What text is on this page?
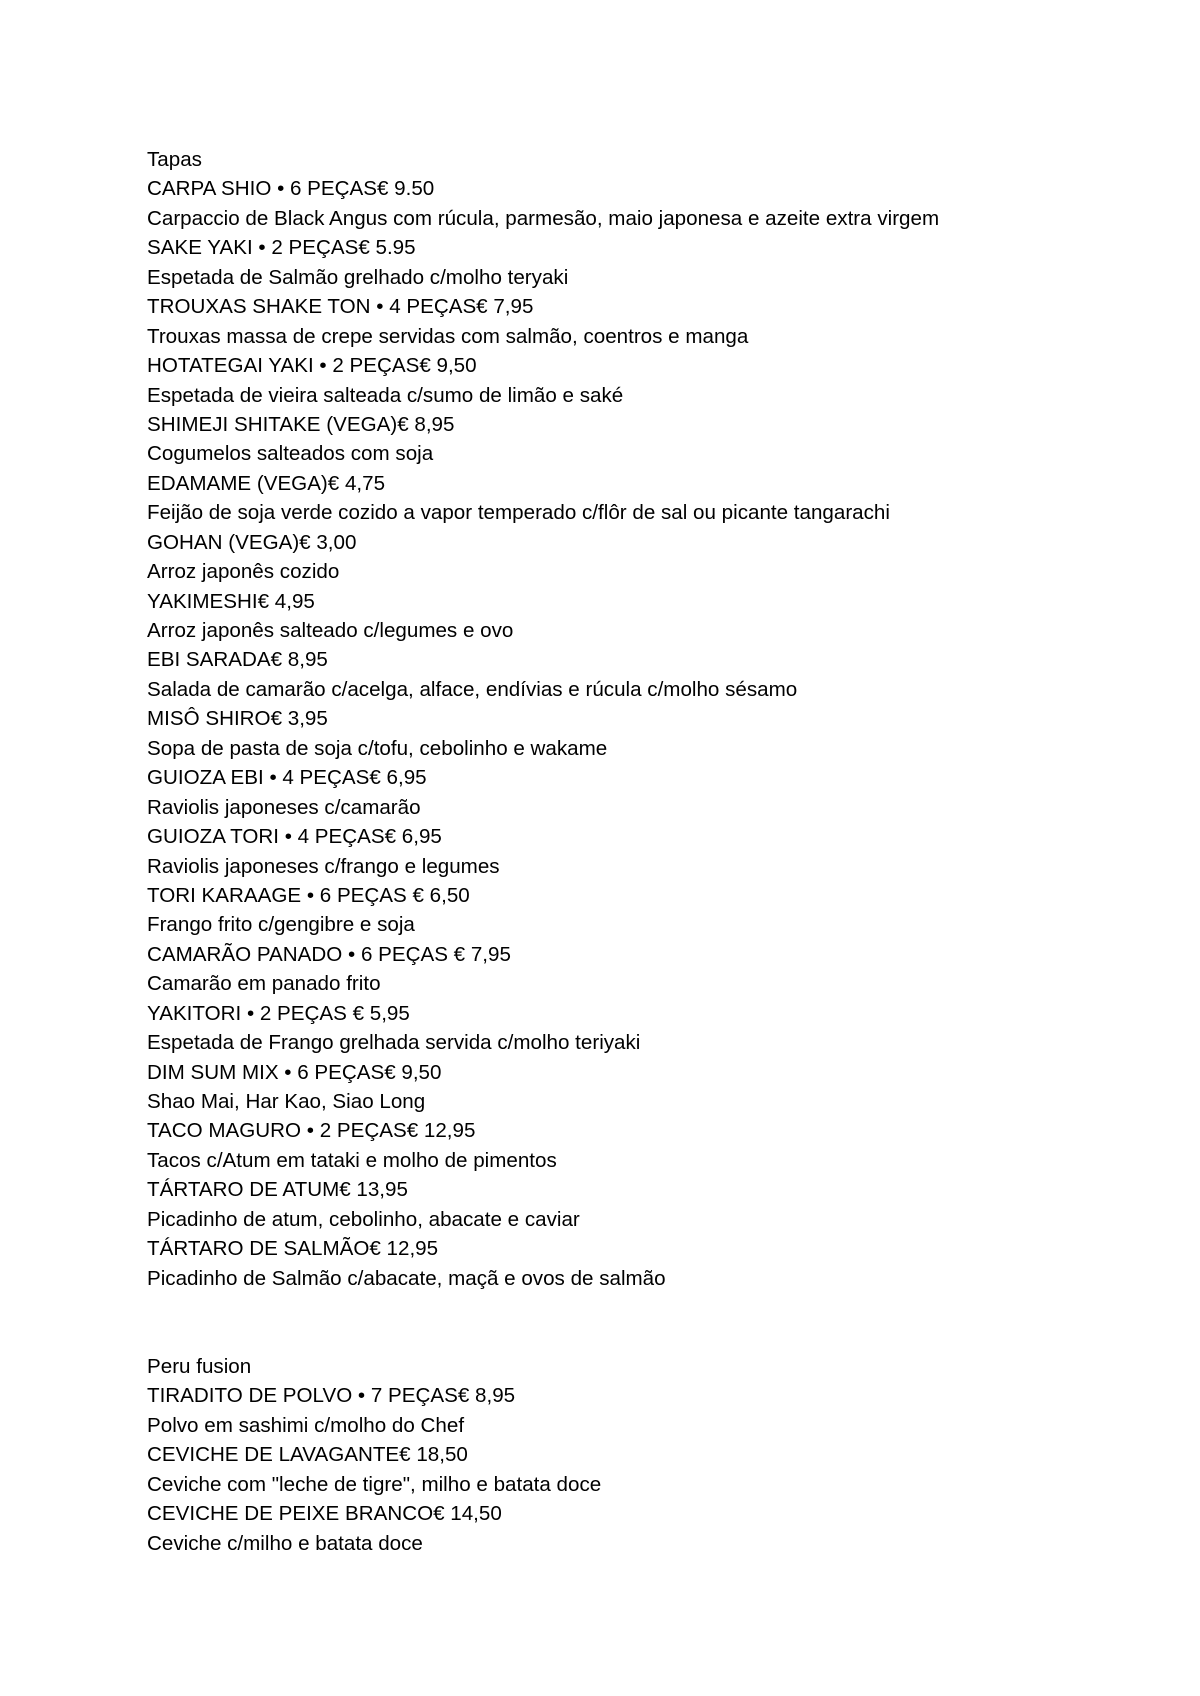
Tapas
CARPA SHIO • 6 PEÇAS€ 9.50
Carpaccio de Black Angus com rúcula, parmesão, maio japonesa e azeite extra virgem
SAKE YAKI • 2 PEÇAS€ 5.95
Espetada de Salmão grelhado c/molho teryaki
TROUXAS SHAKE TON • 4 PEÇAS€ 7,95
Trouxas massa de crepe servidas com salmão, coentros e manga
HOTATEGAI YAKI • 2 PEÇAS€ 9,50
Espetada de vieira salteada c/sumo de limão e saké
SHIMEJI SHITAKE (VEGA)€ 8,95
Cogumelos salteados com soja
EDAMAME (VEGA)€ 4,75
Feijão de soja verde cozido a vapor temperado c/flôr de sal ou picante tangarachi
GOHAN (VEGA)€ 3,00
Arroz japonês cozido
YAKIMESHI€ 4,95
Arroz japonês salteado c/legumes e ovo
EBI SARADA€ 8,95
Salada de camarão c/acelga, alface, endívias e rúcula c/molho sésamo
MISÔ SHIRO€ 3,95
Sopa de pasta de soja c/tofu, cebolinho e wakame
GUIOZA EBI • 4 PEÇAS€ 6,95
Raviolis japoneses c/camarão
GUIOZA TORI • 4 PEÇAS€ 6,95
Raviolis japoneses c/frango e legumes
TORI KARAAGE • 6 PEÇAS € 6,50
Frango frito c/gengibre e soja
CAMARÃO PANADO • 6 PEÇAS € 7,95
Camarão em panado frito
YAKITORI • 2 PEÇAS € 5,95
Espetada de Frango grelhada servida c/molho teriyaki
DIM SUM MIX • 6 PEÇAS€ 9,50
Shao Mai, Har Kao, Siao Long
TACO MAGURO • 2 PEÇAS€ 12,95
Tacos c/Atum em tataki e molho de pimentos
TÁRTARO DE ATUM€ 13,95
Picadinho de atum, cebolinho, abacate e caviar
TÁRTARO DE SALMÃO€ 12,95
Picadinho de Salmão c/abacate, maçã e ovos de salmão
Peru fusion
TIRADITO DE POLVO • 7 PEÇAS€ 8,95
Polvo em sashimi c/molho do Chef
CEVICHE DE LAVAGANTE€ 18,50
Ceviche com "leche de tigre", milho e batata doce
CEVICHE DE PEIXE BRANCO€ 14,50
Ceviche c/milho e batata doce
